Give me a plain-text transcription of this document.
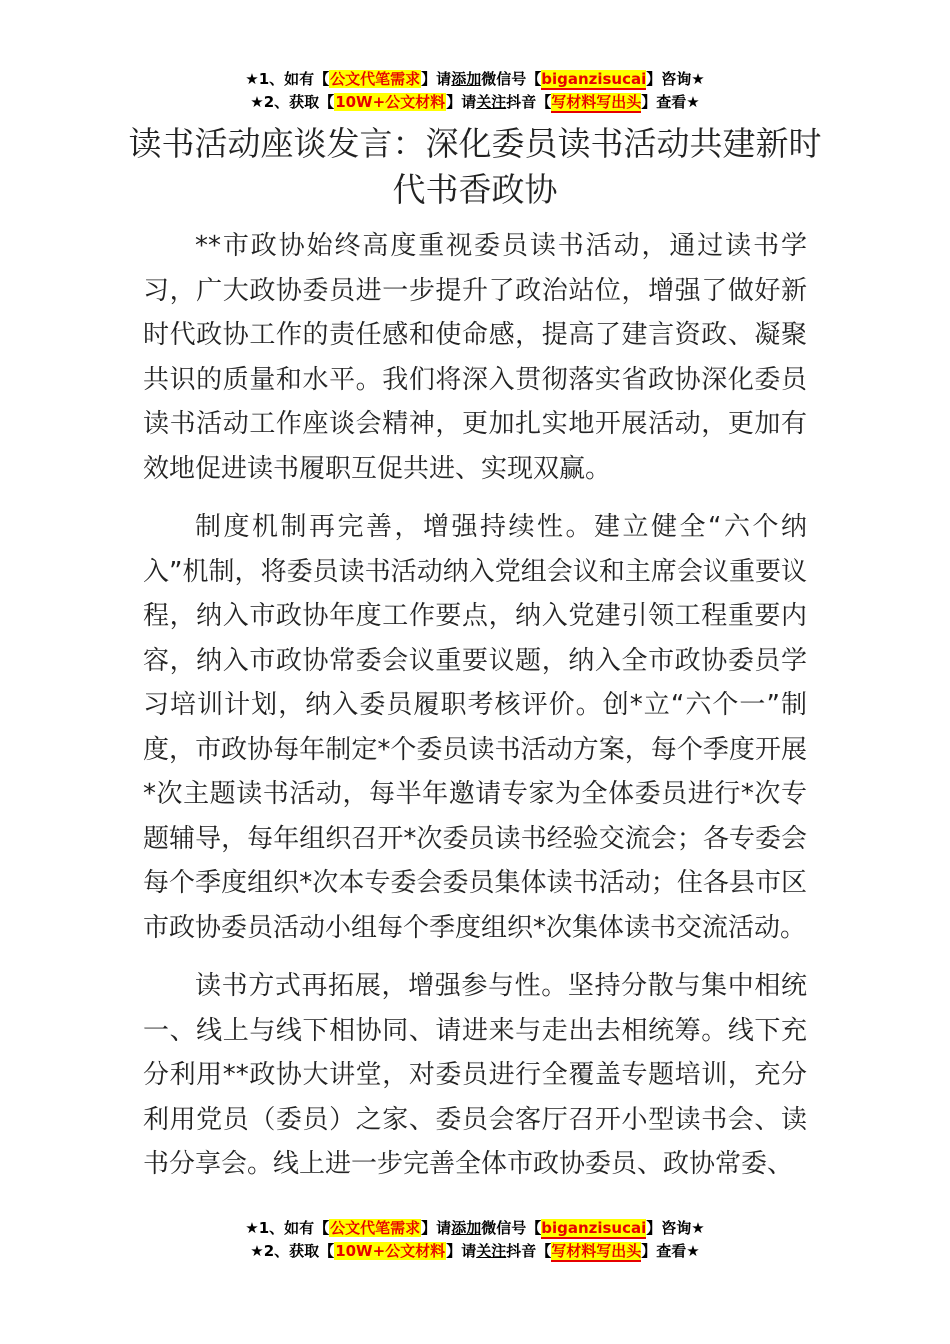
★1、如有【公文代笔需求】请添加微信号【biganzisucai】咨询★
★2、获取【10W+公文材料】请关注抖音【写材料写出头】查看★
读书活动座谈发言：深化委员读书活动共建新时代书香政协

**市政协始终高度重视委员读书活动，通过读书学习，广大政协委员进一步提升了政治站位，增强了做好新时代政协工作的责任感和使命感，提高了建言资政、凝聚共识的质量和水平。我们将深入贯彻落实省政协深化委员读书活动工作座谈会精神，更加扎实地开展活动，更加有效地促进读书履职互促共进、实现双赢。

制度机制再完善，增强持续性。建立健全“六个纳入”机制，将委员读书活动纳入党组会议和主席会议重要议程，纳入市政协年度工作要点，纳入党建引领工程重要内容，纳入市政协常委会议重要议题，纳入全市政协委员学习培训计划，纳入委员履职考核评价。创*立“六个一”制度，市政协每年制定*个委员读书活动方案，每个季度开展*次主题读书活动，每半年邀请专家为全体委员进行*次专题辅导，每年组织召开*次委员读书经验交流会；各专委会每个季度组织*次本专委会委员集体读书活动；住各县市区市政协委员活动小组每个季度组织*次集体读书交流活动。

读书方式再拓展，增强参与性。坚持分散与集中相统一、线上与线下相协同、请进来与走出去相统筹。线下充分利用**政协大讲堂，对委员进行全覆盖专题培训，充分利用党员（委员）之家、委员会客厅召开小型读书会、读书分享会。线上进一步完善全体市政协委员、政协常委、

★1、如有【公文代笔需求】请添加微信号【biganzisucai】咨询★
★2、获取【10W+公文材料】请关注抖音【写材料写出头】查看★
